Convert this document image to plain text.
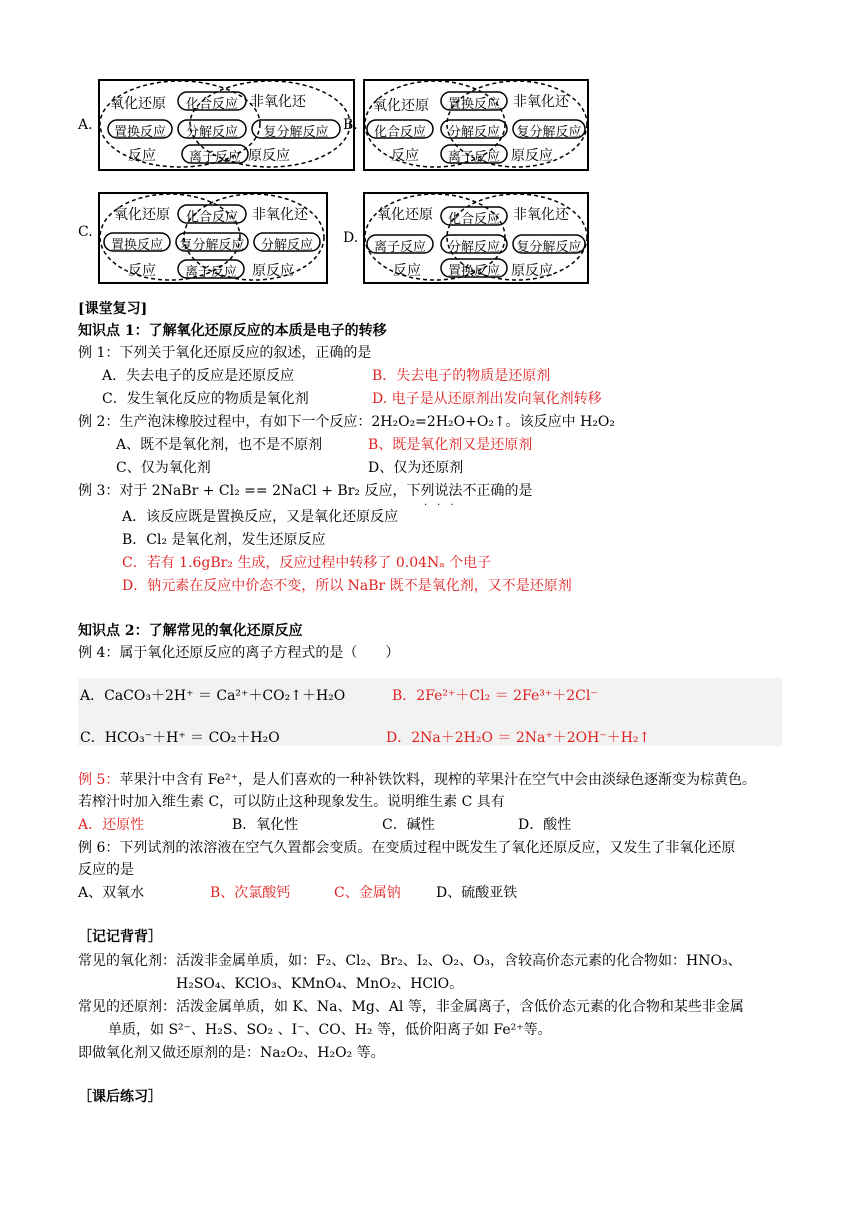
A.
氧化还原	非氧化还
反应	原反应
化合反应
置换反应	分解反应	复分解反应
离子反应
B.
氧化还原	非氧化还
反应	原反应
置换反应
化合反应	分解反应	复分解反应
离子反应
C.
氧化还原	非氧化还
反应	原反应
化合反应
置换反应	复分解反应	分解反应
离子反应
D.
氧化还原	非氧化还
反应	原反应
化合反应
离子反应	分解反应	复分解反应
置换反应
[课堂复习]
知识点 1：了解氧化还原反应的本质是电子的转移
例 1：下列关于氧化还原反应的叙述，正确的是
A．失去电子的反应是还原反应	B．失去电子的物质是还原剂
C．发生氧化反应的物质是氧化剂	D. 电子是从还原剂出发向氧化剂转移
例 2：生产泡沫橡胶过程中，有如下一个反应：2H₂O₂=2H₂O+O₂↑。该反应中 H₂O₂
A、既不是氧化剂，也不是不原剂	B、既是氧化剂又是还原剂
C、仅为氧化剂	D、仅为还原剂
例 3：对于 2NaBr + Cl₂ == 2NaCl + Br₂ 反应，下列说法不正确的是
A．该反应既是置换反应，又是氧化还原反应
B．Cl₂ 是氧化剂，发生还原反应
C．若有 1.6gBr₂ 生成，反应过程中转移了 0.04Nₐ 个电子
D．钠元素在反应中价态不变，所以 NaBr 既不是氧化剂，又不是还原剂
知识点 2：了解常见的氧化还原反应
例 4：属于氧化还原反应的离子方程式的是（　　）
A．CaCO₃＋2H⁺ ＝ Ca²⁺＋CO₂↑＋H₂O	B．2Fe²⁺＋Cl₂ ＝ 2Fe³⁺＋2Cl⁻
C．HCO₃⁻＋H⁺ ＝ CO₂＋H₂O	D．2Na＋2H₂O ＝ 2Na⁺＋2OH⁻＋H₂↑
例 5：苹果汁中含有 Fe²⁺，是人们喜欢的一种补铁饮料，现榨的苹果汁在空气中会由淡绿色逐渐变为棕黄色。
若榨汁时加入维生素 C，可以防止这种现象发生。说明维生素 C 具有
A．还原性	B．氧化性	C．碱性	D．酸性
例 6：下列试剂的浓溶液在空气久置都会变质。在变质过程中既发生了氧化还原反应，又发生了非氧化还原
反应的是
A、双氧水	B、次氯酸钙	C、金属钠	D、硫酸亚铁
［记记背背］
常见的氧化剂：活泼非金属单质，如：F₂、Cl₂、Br₂、I₂、O₂、O₃，含较高价态元素的化合物如：HNO₃、
H₂SO₄、KClO₃、KMnO₄、MnO₂、HClO。
常见的还原剂：活泼金属单质，如 K、Na、Mg、Al 等，非金属离子，含低价态元素的化合物和某些非金属
单质，如 S²⁻、H₂S、SO₂ 、I⁻、CO、H₂ 等，低价阳离子如 Fe²⁺等。
即做氧化剂又做还原剂的是：Na₂O₂、H₂O₂ 等。
［课后练习］
·　·　·
